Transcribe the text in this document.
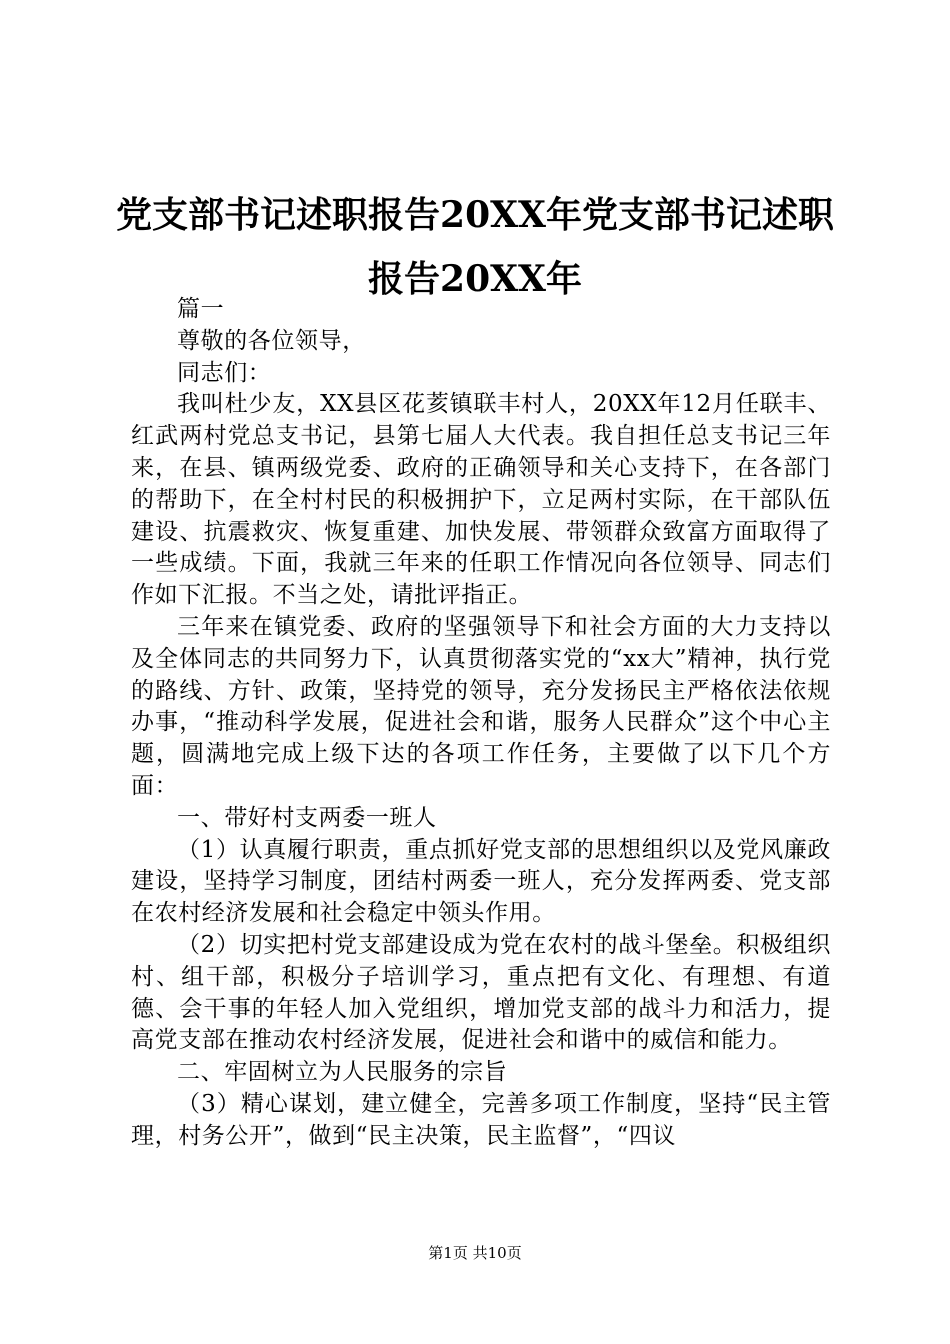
党支部书记述职报告20XX年党支部书记述职
报告20XX年

篇一

尊敬的各位领导，

同志们：

我叫杜少友，XX县区花荄镇联丰村人，20XX年12月任联丰、红武两村党总支书记，县第七届人大代表。我自担任总支书记三年来，在县、镇两级党委、政府的正确领导和关心支持下，在各部门的帮助下，在全村村民的积极拥护下，立足两村实际，在干部队伍建设、抗震救灾、恢复重建、加快发展、带领群众致富方面取得了一些成绩。下面，我就三年来的任职工作情况向各位领导、同志们作如下汇报。不当之处，请批评指正。

三年来在镇党委、政府的坚强领导下和社会方面的大力支持以及全体同志的共同努力下，认真贯彻落实党的“xx大”精神，执行党的路线、方针、政策，坚持党的领导，充分发扬民主严格依法依规办事，“推动科学发展，促进社会和谐，服务人民群众”这个中心主题，圆满地完成上级下达的各项工作任务，主要做了以下几个方面：

一、带好村支两委一班人

（1）认真履行职责，重点抓好党支部的思想组织以及党风廉政建设，坚持学习制度，团结村两委一班人，充分发挥两委、党支部在农村经济发展和社会稳定中领头作用。

（2）切实把村党支部建设成为党在农村的战斗堡垒。积极组织村、组干部，积极分子培训学习，重点把有文化、有理想、有道德、会干事的年轻人加入党组织，增加党支部的战斗力和活力，提高党支部在推动农村经济发展，促进社会和谐中的威信和能力。

二、牢固树立为人民服务的宗旨

（3）精心谋划，建立健全，完善多项工作制度，坚持“民主管理，村务公开”，做到“民主决策，民主监督”，“四议

第1页 共10页
